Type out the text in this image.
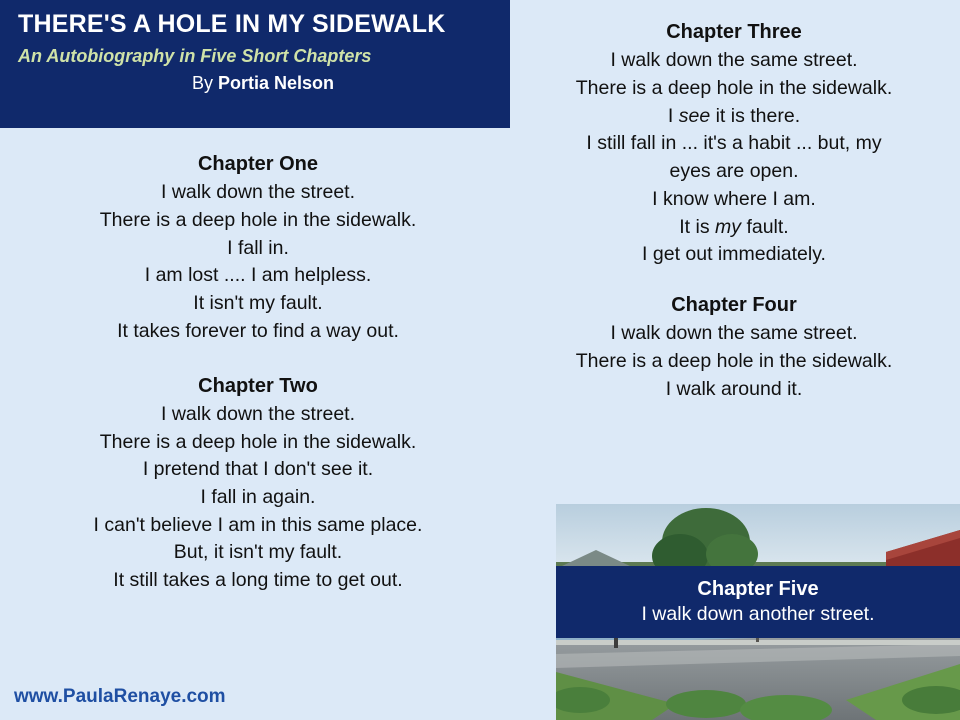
THERE'S A HOLE IN MY SIDEWALK
An Autobiography in Five Short Chapters
By Portia Nelson
Chapter One

I walk down the street.

There is a deep hole in the sidewalk.

I fall in.

I am lost .... I am helpless.

It isn't my fault.

It takes forever to find a way out.

Chapter Two

I walk down the street.

There is a deep hole in the sidewalk.

I pretend that I don't see it.

I fall in again.

I can't believe I am in this same place.

But, it isn't my fault.

It still takes a long time to get out.

Chapter Three

I walk down the same street.

There is a deep hole in the sidewalk.

I see it is there.

I still fall in ... it's a habit ... but, my

eyes are open.

I know where I am.

It is my fault.

I get out immediately.

Chapter Four

I walk down the same street.

There is a deep hole in the sidewalk.

I walk around it.

Chapter Five
I walk down another street.
www.PaulaRenaye.com
